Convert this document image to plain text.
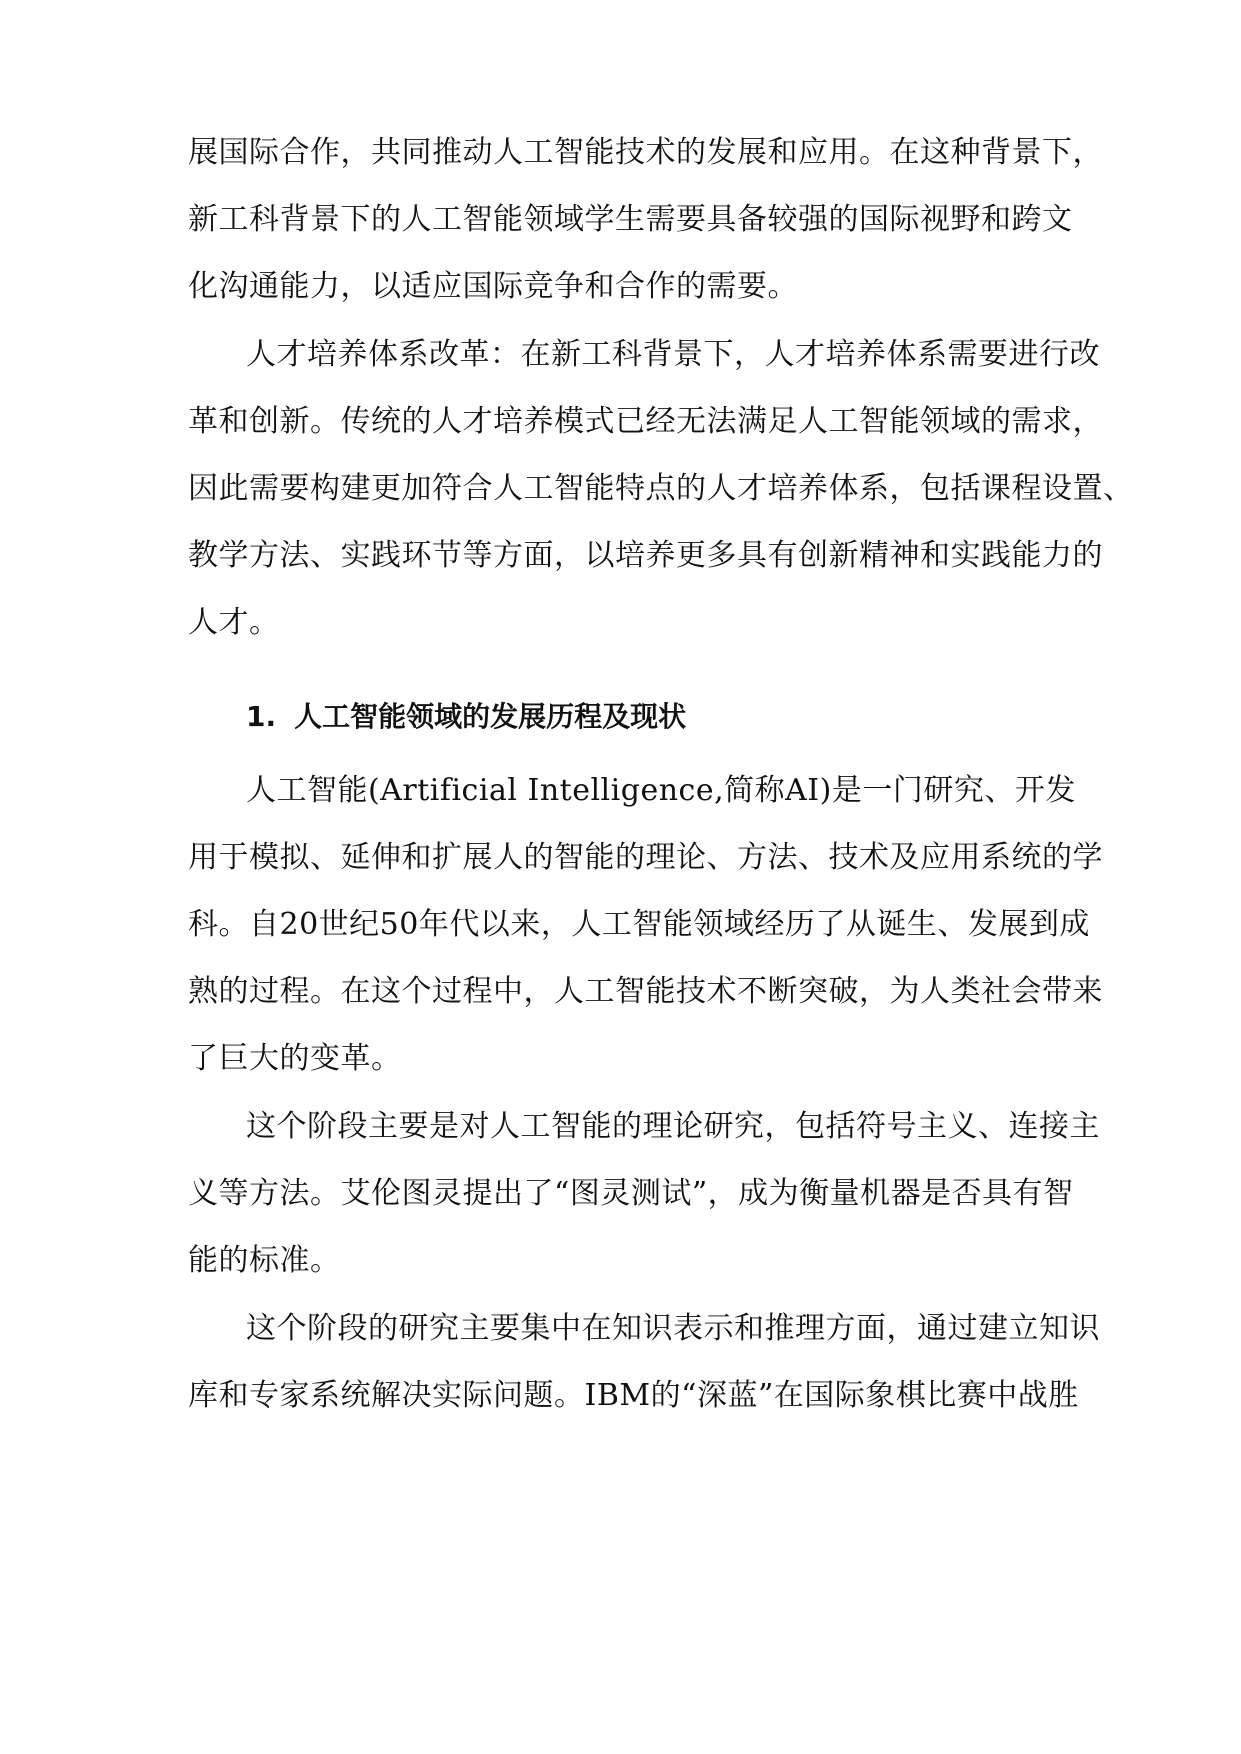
展国际合作，共同推动人工智能技术的发展和应用。在这种背景下，
新工科背景下的人工智能领域学生需要具备较强的国际视野和跨文
化沟通能力，以适应国际竞争和合作的需要。
人才培养体系改革：在新工科背景下，人才培养体系需要进行改
革和创新。传统的人才培养模式已经无法满足人工智能领域的需求，
因此需要构建更加符合人工智能特点的人才培养体系，包括课程设置、
教学方法、实践环节等方面，以培养更多具有创新精神和实践能力的
人才。
1. 人工智能领域的发展历程及现状
人工智能(Artificial Intelligence,简称AI)是一门研究、开发
用于模拟、延伸和扩展人的智能的理论、方法、技术及应用系统的学
科。自20世纪50年代以来，人工智能领域经历了从诞生、发展到成
熟的过程。在这个过程中，人工智能技术不断突破，为人类社会带来
了巨大的变革。
这个阶段主要是对人工智能的理论研究，包括符号主义、连接主
义等方法。艾伦图灵提出了“图灵测试”，成为衡量机器是否具有智
能的标准。
这个阶段的研究主要集中在知识表示和推理方面，通过建立知识
库和专家系统解决实际问题。IBM的“深蓝”在国际象棋比赛中战胜
